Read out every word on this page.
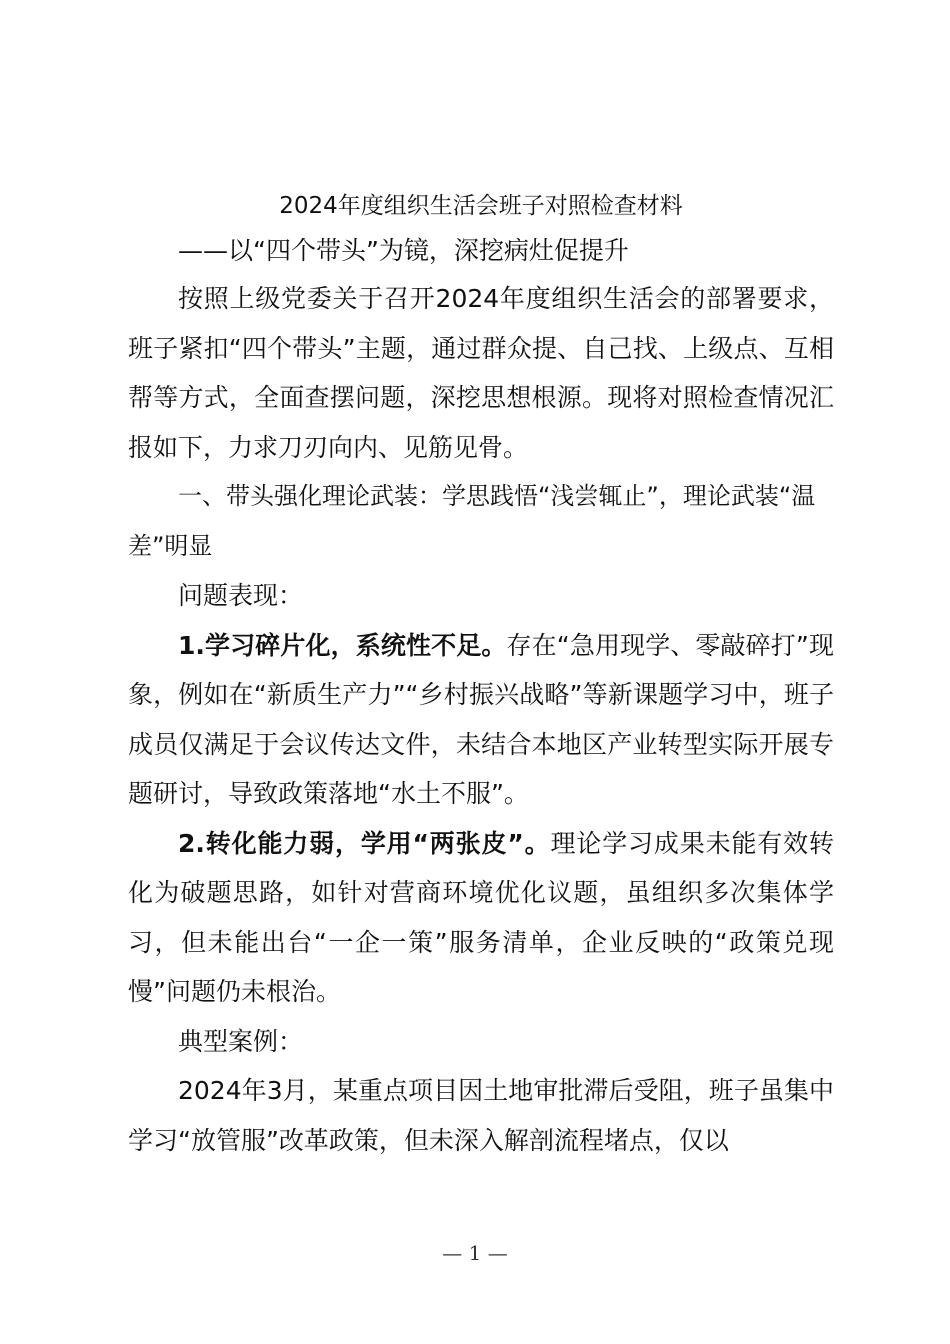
2024年度组织生活会班子对照检查材料

——以“四个带头”为镜，深挖病灶促提升

按照上级党委关于召开2024年度组织生活会的部署要求，班子紧扣“四个带头”主题，通过群众提、自己找、上级点、互相帮等方式，全面查摆问题，深挖思想根源。现将对照检查情况汇报如下，力求刀刃向内、见筋见骨。

一、带头强化理论武装：学思践悟“浅尝辄止”，理论武装“温差”明显

问题表现：

1.学习碎片化，系统性不足。存在“急用现学、零敲碎打”现象，例如在“新质生产力”“乡村振兴战略”等新课题学习中，班子成员仅满足于会议传达文件，未结合本地区产业转型实际开展专题研讨，导致政策落地“水土不服”。

2.转化能力弱，学用“两张皮”。理论学习成果未能有效转化为破题思路，如针对营商环境优化议题，虽组织多次集体学习，但未能出台“一企一策”服务清单，企业反映的“政策兑现慢”问题仍未根治。

典型案例：

2024年3月，某重点项目因土地审批滞后受阻，班子虽集中学习“放管服”改革政策，但未深入解剖流程堵点，仅以

— 1 —
